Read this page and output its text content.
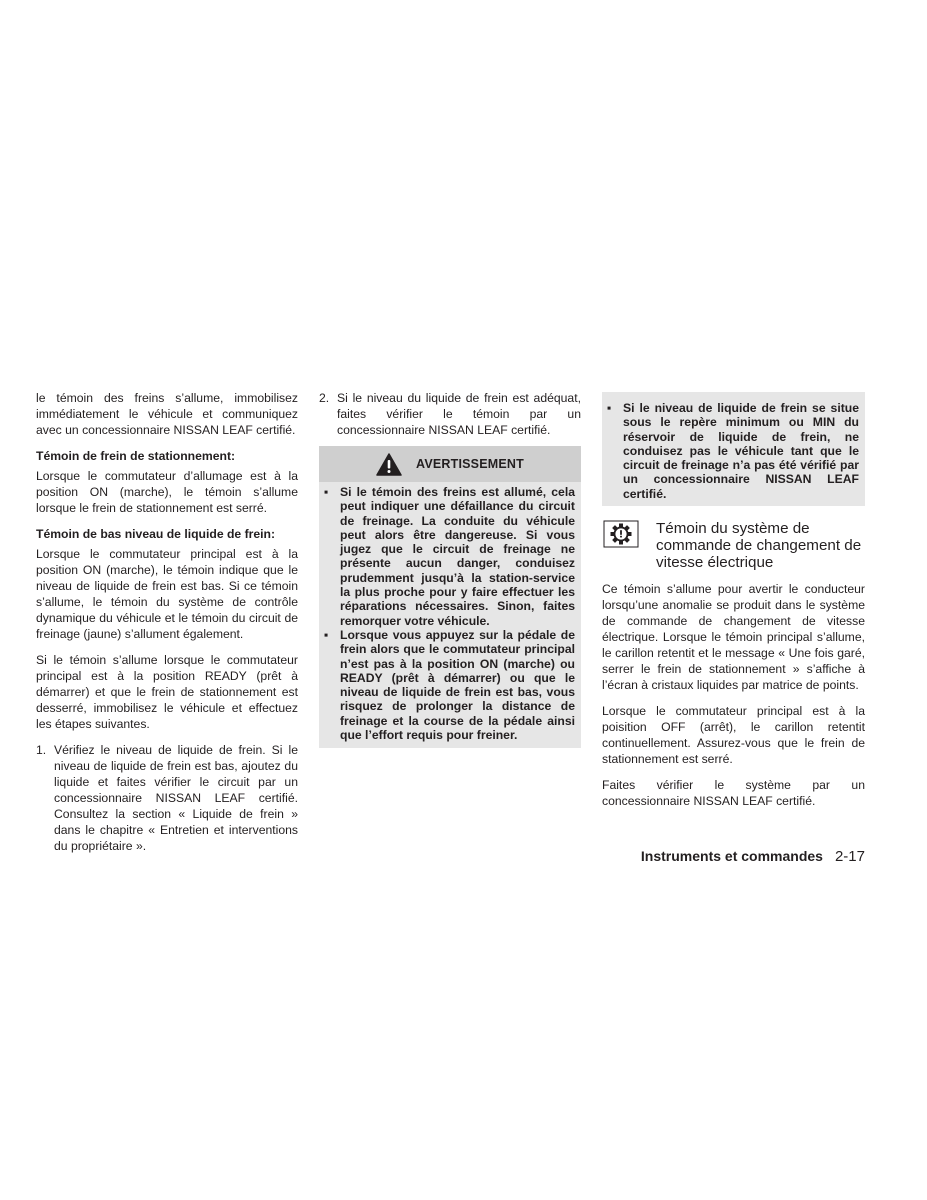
le témoin des freins s’allume, immobilisez immédiatement le véhicule et communiquez avec un concessionnaire NISSAN LEAF certifié.

Témoin de frein de stationnement:

Lorsque le commutateur d’allumage est à la position ON (marche), le témoin s’allume lorsque le frein de stationnement est serré.

Témoin de bas niveau de liquide de frein:

Lorsque le commutateur principal est à la position ON (marche), le témoin indique que le niveau de liquide de frein est bas. Si ce témoin s’allume, le témoin du système de contrôle dynamique du véhicule et le témoin du circuit de freinage (jaune) s’allument également.

Si le témoin s’allume lorsque le commutateur principal est à la position READY (prêt à démarrer) et que le frein de stationnement est desserré, immobilisez le véhicule et effectuez les étapes suivantes.

1. Vérifiez le niveau de liquide de frein. Si le niveau de liquide de frein est bas, ajoutez du liquide et faites vérifier le circuit par un concessionnaire NISSAN LEAF certifié. Consultez la section « Liquide de frein » dans le chapitre « Entretien et interventions du propriétaire ».
2. Si le niveau du liquide de frein est adéquat, faites vérifier le témoin par un concessionnaire NISSAN LEAF certifié.
AVERTISSEMENT
▪ Si le témoin des freins est allumé, cela peut indiquer une défaillance du circuit de freinage. La conduite du véhicule peut alors être dangereuse. Si vous jugez que le circuit de freinage ne présente aucun danger, conduisez prudemment jusqu’à la station-service la plus proche pour y faire effectuer les réparations nécessaires. Sinon, faites remorquer votre véhicule.
▪ Lorsque vous appuyez sur la pédale de frein alors que le commutateur principal n’est pas à la position ON (marche) ou READY (prêt à démarrer) ou que le niveau de liquide de frein est bas, vous risquez de prolonger la distance de freinage et la course de la pédale ainsi que l’effort requis pour freiner.
▪ Si le niveau de liquide de frein se situe sous le repère minimum ou MIN du réservoir de liquide de frein, ne conduisez pas le véhicule tant que le circuit de freinage n’a pas été vérifié par un concessionnaire NISSAN LEAF certifié.
Témoin du système de commande de changement de vitesse électrique

Ce témoin s’allume pour avertir le conducteur lorsqu’une anomalie se produit dans le système de commande de changement de vitesse électrique. Lorsque le témoin principal s’allume, le carillon retentit et le message « Une fois garé, serrer le frein de stationnement » s’affiche à l’écran à cristaux liquides par matrice de points.

Lorsque le commutateur principal est à la poisition OFF (arrêt), le carillon retentit continuellement. Assurez-vous que le frein de stationnement est serré.

Faites vérifier le système par un concessionnaire NISSAN LEAF certifié.

Instruments et commandes 2-17
